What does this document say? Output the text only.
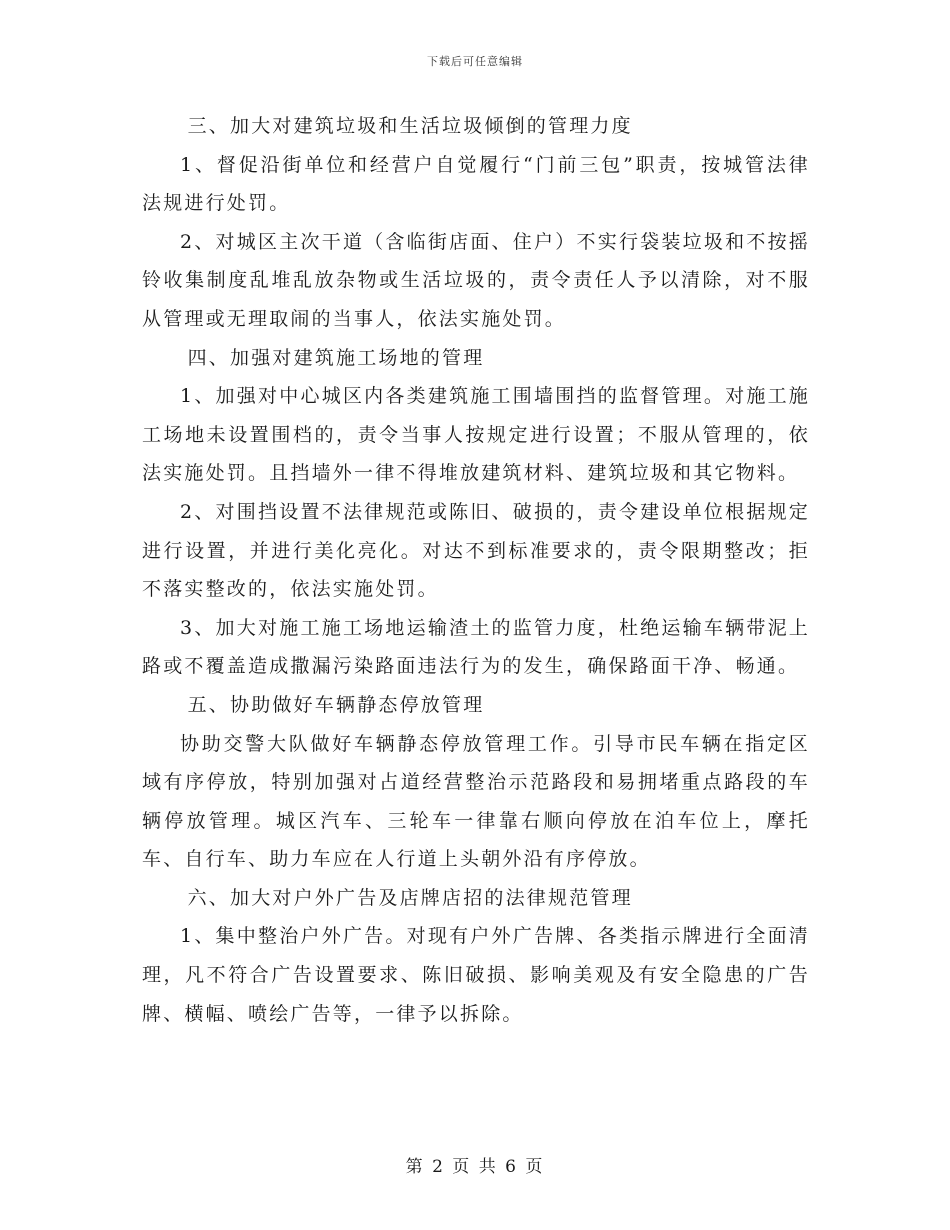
下载后可任意编辑

三、加大对建筑垃圾和生活垃圾倾倒的管理力度

1、督促沿街单位和经营户自觉履行“门前三包”职责，按城管法律法规进行处罚。

2、对城区主次干道（含临街店面、住户）不实行袋装垃圾和不按摇铃收集制度乱堆乱放杂物或生活垃圾的，责令责任人予以清除，对不服从管理或无理取闹的当事人，依法实施处罚。

四、加强对建筑施工场地的管理

1、加强对中心城区内各类建筑施工围墙围挡的监督管理。对施工施工场地未设置围档的，责令当事人按规定进行设置；不服从管理的，依法实施处罚。且挡墙外一律不得堆放建筑材料、建筑垃圾和其它物料。

2、对围挡设置不法律规范或陈旧、破损的，责令建设单位根据规定进行设置，并进行美化亮化。对达不到标准要求的，责令限期整改；拒不落实整改的，依法实施处罚。

3、加大对施工施工场地运输渣土的监管力度，杜绝运输车辆带泥上路或不覆盖造成撒漏污染路面违法行为的发生，确保路面干净、畅通。

五、协助做好车辆静态停放管理

协助交警大队做好车辆静态停放管理工作。引导市民车辆在指定区域有序停放，特别加强对占道经营整治示范路段和易拥堵重点路段的车辆停放管理。城区汽车、三轮车一律靠右顺向停放在泊车位上，摩托车、自行车、助力车应在人行道上头朝外沿有序停放。

六、加大对户外广告及店牌店招的法律规范管理

1、集中整治户外广告。对现有户外广告牌、各类指示牌进行全面清理，凡不符合广告设置要求、陈旧破损、影响美观及有安全隐患的广告牌、横幅、喷绘广告等，一律予以拆除。

第 2 页 共 6 页
